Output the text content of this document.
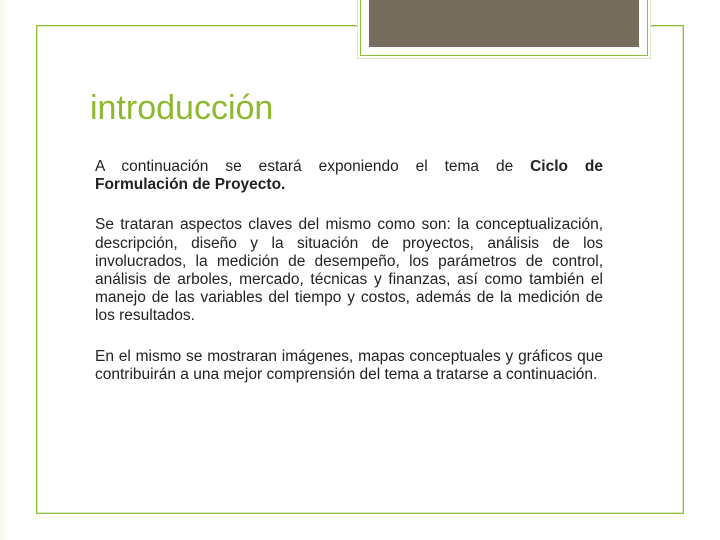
introducción

A continuación se estará exponiendo el tema de Ciclo de
Formulación de Proyecto.

Se trataran aspectos claves del mismo como son: la conceptualización, descripción, diseño y la situación de proyectos, análisis de los involucrados, la medición de desempeño, los parámetros de control, análisis de arboles, mercado, técnicas y finanzas, así como también el manejo de las variables del tiempo y costos, además de la medición de los resultados.

En el mismo se mostraran imágenes, mapas conceptuales y gráficos que contribuirán a una mejor comprensión del tema a tratarse a continuación.
